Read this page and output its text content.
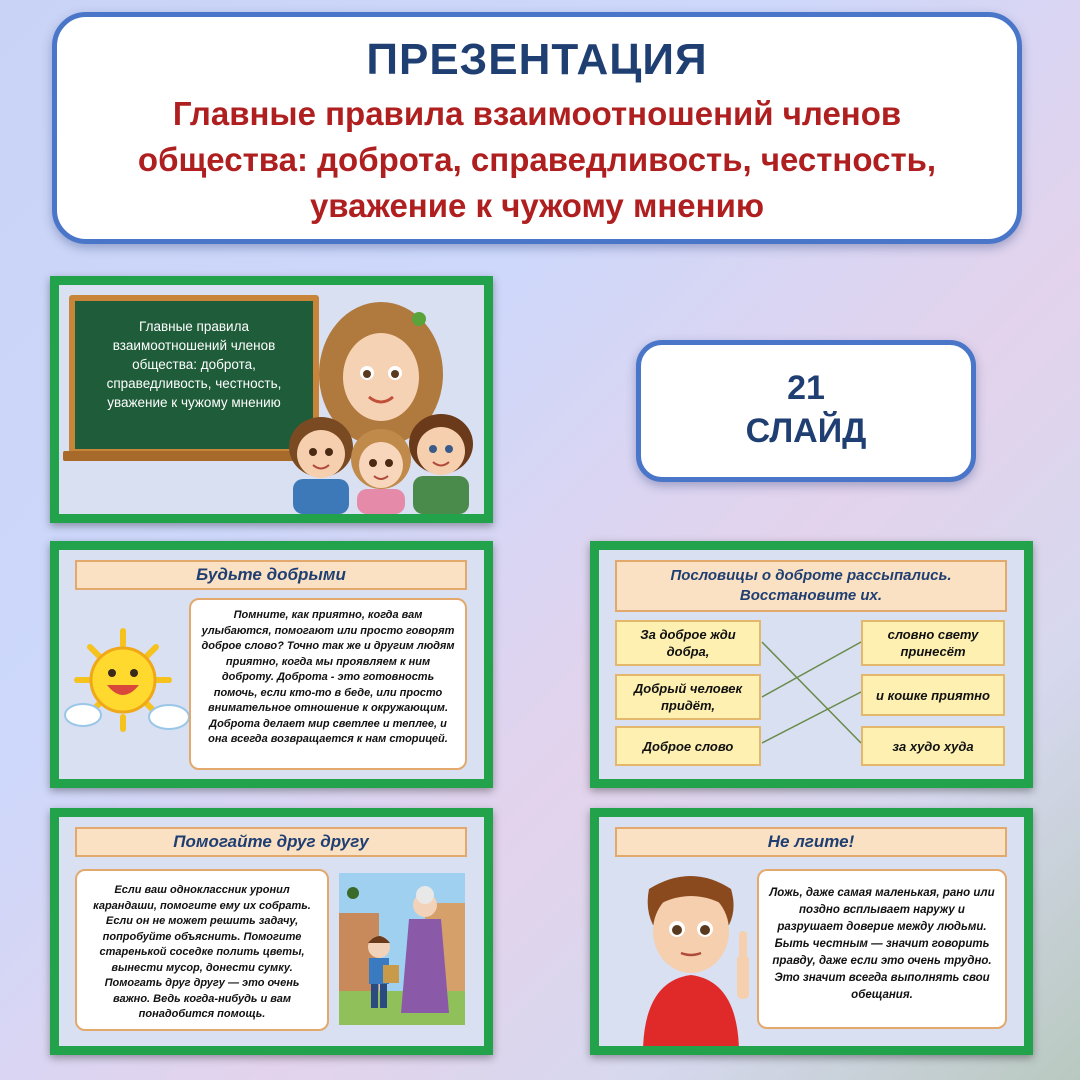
ПРЕЗЕНТАЦИЯ
Главные правила взаимоотношений членов общества: доброта, справедливость, честность, уважение к чужому мнению
21
СЛАЙД
Главные правила взаимоотношений членов общества: доброта, справедливость, честность, уважение к чужому мнению
Будьте добрыми
Помните, как приятно, когда вам улыбаются, помогают или просто говорят доброе слово? Точно так же и другим людям приятно, когда мы проявляем к ним доброту. Доброта - это готовность помочь, если кто-то в беде, или просто внимательное отношение к окружающим. Доброта делает мир светлее и теплее, и она всегда возвращается к нам сторицей.
Пословицы о доброте рассыпались. Восстановите их.
За доброе жди добра,
Добрый человек придёт,
Доброе слово
словно свету принесёт
и кошке приятно
за худо худа
Помогайте друг другу
Если ваш одноклассник уронил карандаши, помогите ему их собрать. Если он не может решить задачу, попробуйте объяснить. Помогите старенькой соседке полить цветы, вынести мусор, донести сумку. Помогать друг другу — это очень важно. Ведь когда-нибудь и вам понадобится помощь.
Не лгите!
Ложь, даже самая маленькая, рано или поздно всплывает наружу и разрушает доверие между людьми. Быть честным — значит говорить правду, даже если это очень трудно. Это значит всегда выполнять свои обещания.
